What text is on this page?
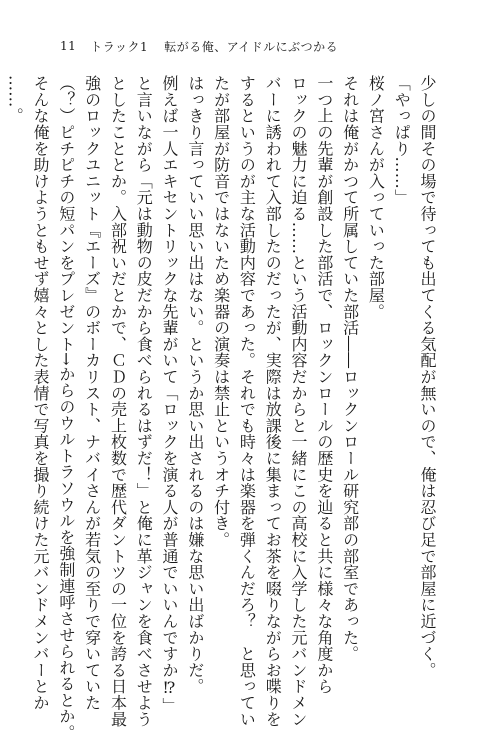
11 トラック1 転がる俺、アイドルにぶつかる
少しの間その場で待っても出てくる気配が無いので、俺は忍び足で部屋に近づく。
「やっぱり……」
桜ノ宮さんが入っていった部屋。
それは俺がかつて所属していた部活――ロックンロール研究部の部室であった。
一つ上の先輩が創設した部活で、ロックンロールの歴史を辿ると共に様々な角度から
ロックの魅力に迫る……という活動内容だからと一緒にこの高校に入学した元バンドメン
バーに誘われて入部したのだったが、実際は放課後に集まってお茶を啜りながらお喋りを
するというのが主な活動内容であった。それでも時々は楽器を弾くんだろ？　と思ってい
たが部屋が防音ではないため楽器の演奏は禁止というオチ付き。
はっきり言っていい思い出はない。というか思い出されるのは嫌な思い出ばかりだ。
例えば一人エキセントリックな先輩がいて「ロックを演る人が普通でいいんですか⁉」
と言いながら「元は動物の皮だから食べられるはずだ！」と俺に革ジャンを食べさせよう
としたこととか。入部祝いだとかで、ＣＤの売上枚数で歴代ダントツの一位を誇る日本最
強のロックユニット『エーズ』のボーカリスト、ナバイさんが若気の至りで穿いていた
（？）ピチピチの短パンをプレゼント→からのウルトラソウルを強制連呼させられるとか。
そんな俺を助けようともせず嬉々とした表情で写真を撮り続けた元バンドメンバーとか
……。
